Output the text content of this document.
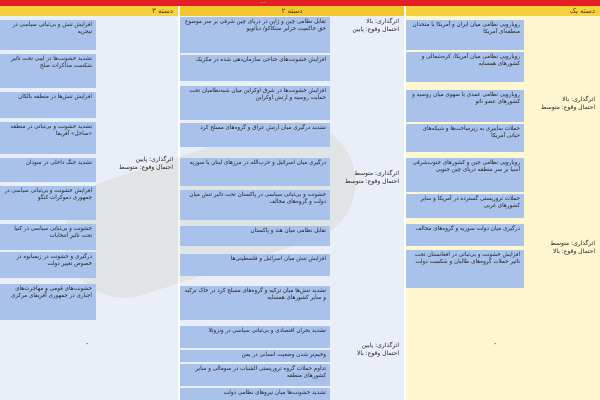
...
دسته یک
دسته ۲
دسته ۳
رویارویی نظامی میان ایران و آمریکا یا متحدان منطقه‌ای آمریکا
رویارویی نظامی میان آمریکا، کره‌شمالی و کشورهای همسایه
رویارویی نظامی عمدی یا سهوی میان روسیه و کشورهای عضو ناتو
حملات سایبری به زیرساخت‌ها و شبکه‌های حیاتی آمریکا
رویارویی نظامی چین و کشورهای جنوب‌شرقی آسیا بر سر منطقه دریای چین جنوبی
حملات تروریستی گسترده در آمریکا و سایر کشورهای غربی
اثرگذاری: بالا
احتمال وقوع: متوسط
درگیری میان دولت سوریه و گروه‌های مخالف
افزایش خشونت و بی‌ثباتی در افغانستان تحت تاثیر حملات گروه‌های طالبان و شکست دولت
اثرگذاری: متوسط
احتمال وقوع: بالا
-
تقابل نظامی چین و ژاپن در دریای چین شرقی بر سر موضوع حق حاکمیت جزایر سنکاکو/ دیائویو
افزایش خشونت‌های جناحی سازمان‌دهی شده در مکزیک
اثرگذاری: بالا
احتمال وقوع: پایین
افزایش خشونت‌ها در شرق اوکراین میان شبه‌نظامیان تحت حمایت روسیه و ارتش اوکراین
تشدید درگیری میان ارتش عراق و گروه‌های مسلح کرد
درگیری میان اسرائیل و حزب‌الله در مرزهای لبنان یا سوریه
خشونت و بی‌ثباتی سیاسی در پاکستان تحت تاثیر تنش میان دولت و گروه‌های مخالف
تقابل نظامی میان هند و پاکستان
افزایش تنش میان اسرائیل و فلسطینی‌ها
تشدید تنش‌ها میان ترکیه و گروه‌های مسلح کرد در خاک ترکیه و سایر کشورهای همسایه
اثرگذاری: متوسط
احتمال وقوع: متوسط
تشدید بحران اقتصادی و بی‌ثباتی سیاسی در ونزوئلا
وخیم‌تر شدن وضعیت انسانی در یمن
تداوم حملات گروه تروریستی الشباب در سومالی و سایر کشورهای منطقه
تشدید خشونت‌ها میان نیروهای نظامی دولت
اثرگذاری: پایین
احتمال وقوع: بالا
افزایش تنش و بی‌ثباتی سیاسی در تیجریه
تشدید خشونت‌ها در لیبی تحت تاثیر شکست مذاکرات صلح
افزایش تنش‌ها در منطقه بالکان
تشدید خشونت و بی‌ثباتی در منطقه «ساحل» آفریقا
تشدید جنگ داخلی در سودان
افزایش خشونت و بی‌ثباتی سیاسی در جمهوری دموکرات کنگو
خشونت و بی‌ثباتی سیاسی در کنیا تحت تاثیر انتخابات
درگیری و خشونت در زیمبابوه در خصوص تغییر دولت
خشونت‌های قومی و مهاجرت‌های اجباری در جمهوری آفریقای مرکزی
اثرگذاری: پایین
احتمال وقوع: متوسط
-
